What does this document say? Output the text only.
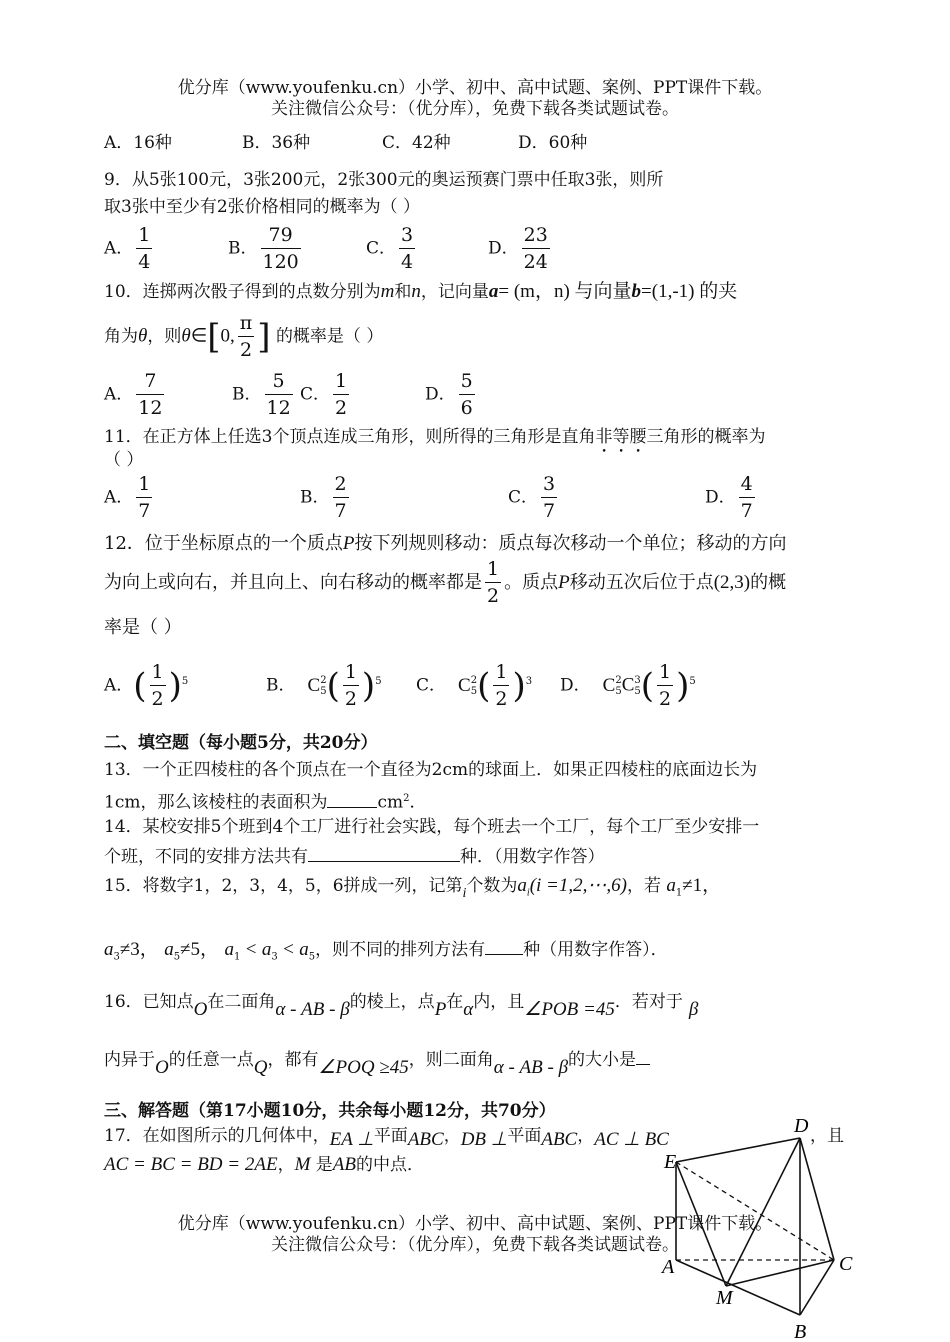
优分库（www.youfenku.cn）小学、初中、高中试题、案例、PPT课件下载。
关注微信公众号：（优分库），免费下载各类试题试卷。
A．16种	B．36种	C．42种	D．60种
9．从5张100元，3张200元，2张300元的奥运预赛门票中任取3张，则所
取3张中至少有2张价格相同的概率为（ ）
A． $\frac{1}{4}$	B． $\frac{79}{120}$	C． $\frac{3}{4}$	D． $\frac{23}{24}$
10．连掷两次骰子得到的点数分别为m和n，记向量a= (m，n) 与向量b=(1,-1) 的夹
角为θ，则θ∈[0, $\frac{\pi}{2}$ ] 的概率是（ ）
A． $\frac{7}{12}$	B． $\frac{5}{12}$ C． $\frac{1}{2}$	D． $\frac{5}{6}$
11．在正方体上任选3个顶点连成三角形，则所得的三角形是直角非等腰三角形的概率为
（ ）
A． $\frac{1}{7}$	B． $\frac{2}{7}$	C． $\frac{3}{7}$	D． $\frac{4}{7}$
12．位于坐标原点的一个质点P按下列规则移动：质点每次移动一个单位；移动的方向
为向上或向右，并且向上、向右移动的概率都是 $\frac{1}{2}$ 。质点P移动五次后位于点(2,3)的概
率是（ ）
A．( $\frac{1}{2} )^5$	B． C 2
5 ( $\frac{1}{2} )^5$ C． C 2
5 ( $\frac{1}{2} )^3$ D． C 2
5 C 3
5 ( $\frac{1}{2} )^5$
二、填空题（每小题5分，共20分）
13．一个正四棱柱的各个顶点在一个直径为2cm的球面上．如果正四棱柱的底面边长为
1cm，那么该棱柱的表面积为	$cm^2$．
14．某校安排5个班到4个工厂进行社会实践，每个班去一个工厂，每个工厂至少安排一
个班，不同的安排方法共有	种．（用数字作答）
15．将数字1，2，3，4，5，6拼成一列，记第$_i$个数为$a_i(i$ =1,2,⋯,6)，若 $a_1\ne 1$，
$a_3\ne 3$， $a_5\ne 5$， $a_1 < a_3 < a_5$，则不同的排列方法有 种（用数字作答）．
16．已知点O在二面角α - AB - β的棱上，点P在α内，且∠POB =45．若对于 β
内异于O的任意一点Q，都有∠POQ ≥45，则二面角α - AB - β的大小是
三、解答题（第17小题10分，共余每小题12分，共70分）
17．在如图所示的几何体中，EA ⊥平面ABC，DB ⊥平面ABC，AC ⊥ BC	，且
AC = BC = BD = 2AE，M 是AB的中点．
优分库（www.youfenku.cn）小学、初中、高中试题、案例、PPT课件下载。
关注微信公众号：（优分库），免费下载各类试题试卷。
D
E
A	C
M
B
